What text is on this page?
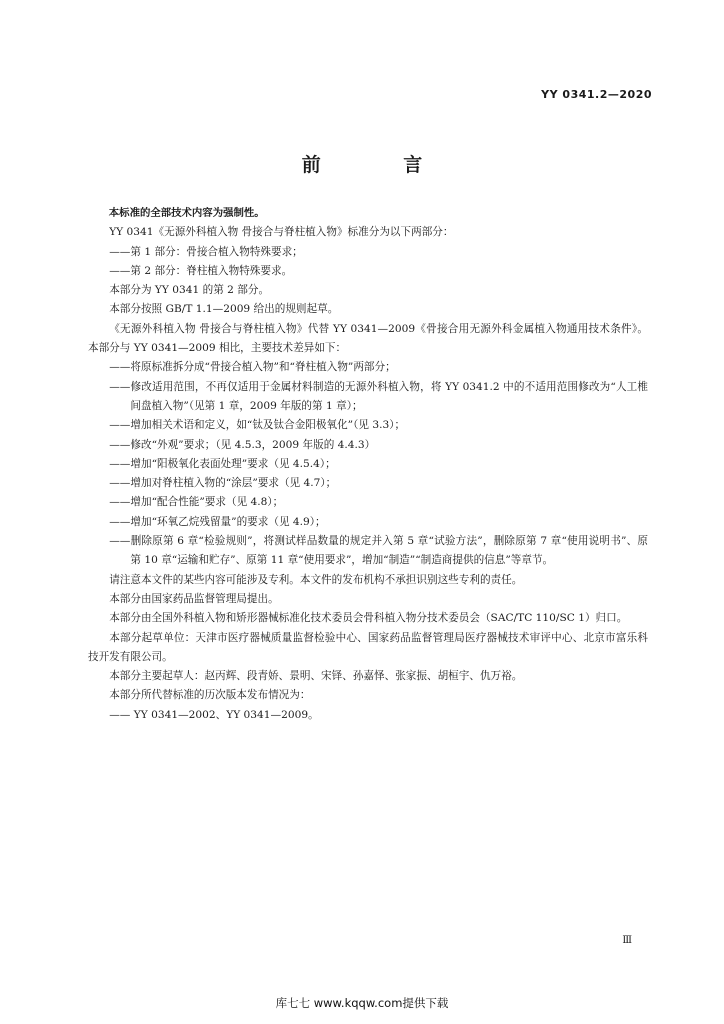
YY 0341.2—2020
前 言

本标准的全部技术内容为强制性。

YY 0341《无源外科植入物 骨接合与脊柱植入物》标准分为以下两部分：

——第 1 部分：骨接合植入物特殊要求；

——第 2 部分：脊柱植入物特殊要求。

本部分为 YY 0341 的第 2 部分。

本部分按照 GB/T 1.1—2009 给出的规则起草。

《无源外科植入物 骨接合与脊柱植入物》代替 YY 0341—2009《骨接合用无源外科金属植入物通用技术条件》。本部分与 YY 0341—2009 相比，主要技术差异如下：

——将原标准拆分成“骨接合植入物”和“脊柱植入物”两部分；

——修改适用范围，不再仅适用于金属材料制造的无源外科植入物，将 YY 0341.2 中的不适用范围修改为“人工椎间盘植入物”（见第 1 章，2009 年版的第 1 章）；

——增加相关术语和定义，如“钛及钛合金阳极氧化”（见 3.3）；

——修改“外观”要求；（见 4.5.3，2009 年版的 4.4.3）

——增加“阳极氧化表面处理”要求（见 4.5.4）；

——增加对脊柱植入物的“涂层”要求（见 4.7）；

——增加“配合性能”要求（见 4.8）；

——增加“环氧乙烷残留量”的要求（见 4.9）；

——删除原第 6 章“检验规则”，将测试样品数量的规定并入第 5 章“试验方法”，删除原第 7 章“使用说明书”、原第 10 章“运输和贮存”、原第 11 章“使用要求”，增加“制造”“制造商提供的信息”等章节。

请注意本文件的某些内容可能涉及专利。本文件的发布机构不承担识别这些专利的责任。

本部分由国家药品监督管理局提出。

本部分由全国外科植入物和矫形器械标准化技术委员会骨科植入物分技术委员会（SAC/TC 110/SC 1）归口。

本部分起草单位：天津市医疗器械质量监督检验中心、国家药品监督管理局医疗器械技术审评中心、北京市富乐科技开发有限公司。

本部分主要起草人：赵丙辉、段青娇、景明、宋铎、孙嘉怿、张家振、胡桓宇、仇万裕。

本部分所代替标准的历次版本发布情况为：

—— YY 0341—2002、YY 0341—2009。

Ⅲ
库七七 www.kqqw.com提供下载
